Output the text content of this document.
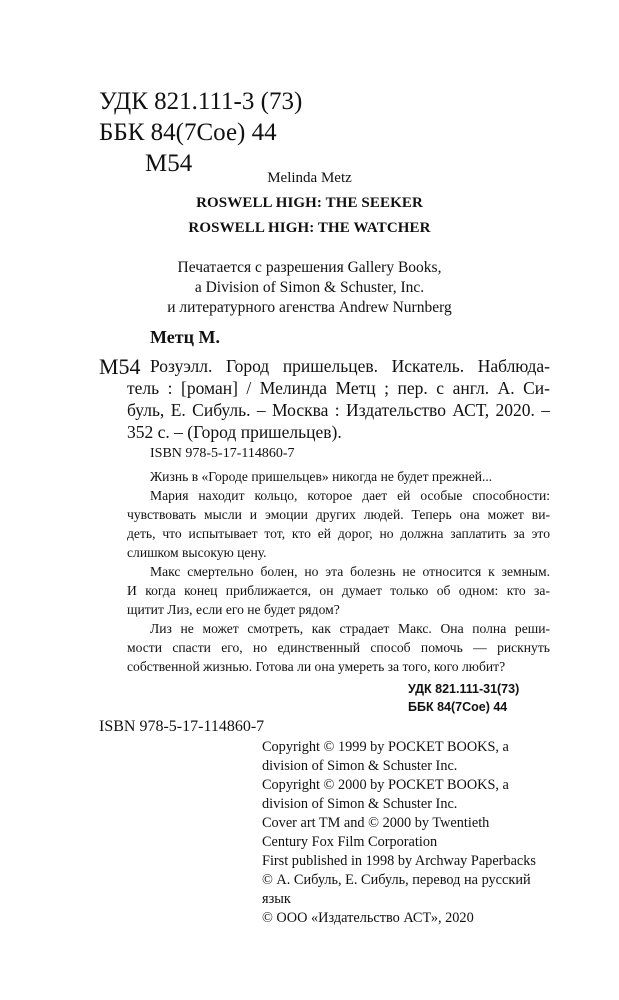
УДК 821.111-3 (73)
ББК 84(7Сое) 44
М54
Melinda Metz
ROSWELL HIGH: THE SEEKER
ROSWELL HIGH: THE WATCHER
Печатается с разрешения Gallery Books,
a Division of Simon & Schuster, Inc.
и литературного агенства Andrew Nurnberg
Метц М.
М54 Розуэлл. Город пришельцев. Искатель. Наблюда-
тель : [роман] / Мелинда Метц ; пер. с англ. А. Си-
буль, Е. Сибуль. – Москва : Издательство АСТ, 2020. –
352 с. – (Город пришельцев).
ISBN 978-5-17-114860-7
Жизнь в «Городе пришельцев» никогда не будет прежней...
Мария находит кольцо, которое дает ей особые способности:
чувствовать мысли и эмоции других людей. Теперь она может ви-
деть, что испытывает тот, кто ей дорог, но должна заплатить за это
слишком высокую цену.
Макс смертельно болен, но эта болезнь не относится к земным.
И когда конец приближается, он думает только об одном: кто за-
щитит Лиз, если его не будет рядом?
Лиз не может смотреть, как страдает Макс. Она полна реши-
мости спасти его, но единственный способ помочь — рискнуть
собственной жизнью. Готова ли она умереть за того, кого любит?
УДК 821.111-31(73)
ББК 84(7Сое) 44
ISBN 978-5-17-114860-7
Copyright © 1999 by POCKET BOOKS, a
division of Simon & Schuster Inc.
Copyright © 2000 by POCKET BOOKS, a
division of Simon & Schuster Inc.
Cover art TM and © 2000 by Twentieth
Century Fox Film Corporation
First published in 1998 by Archway Paperbacks
© А. Сибуль, Е. Сибуль, перевод на русский
язык
© ООО «Издательство АСТ», 2020
